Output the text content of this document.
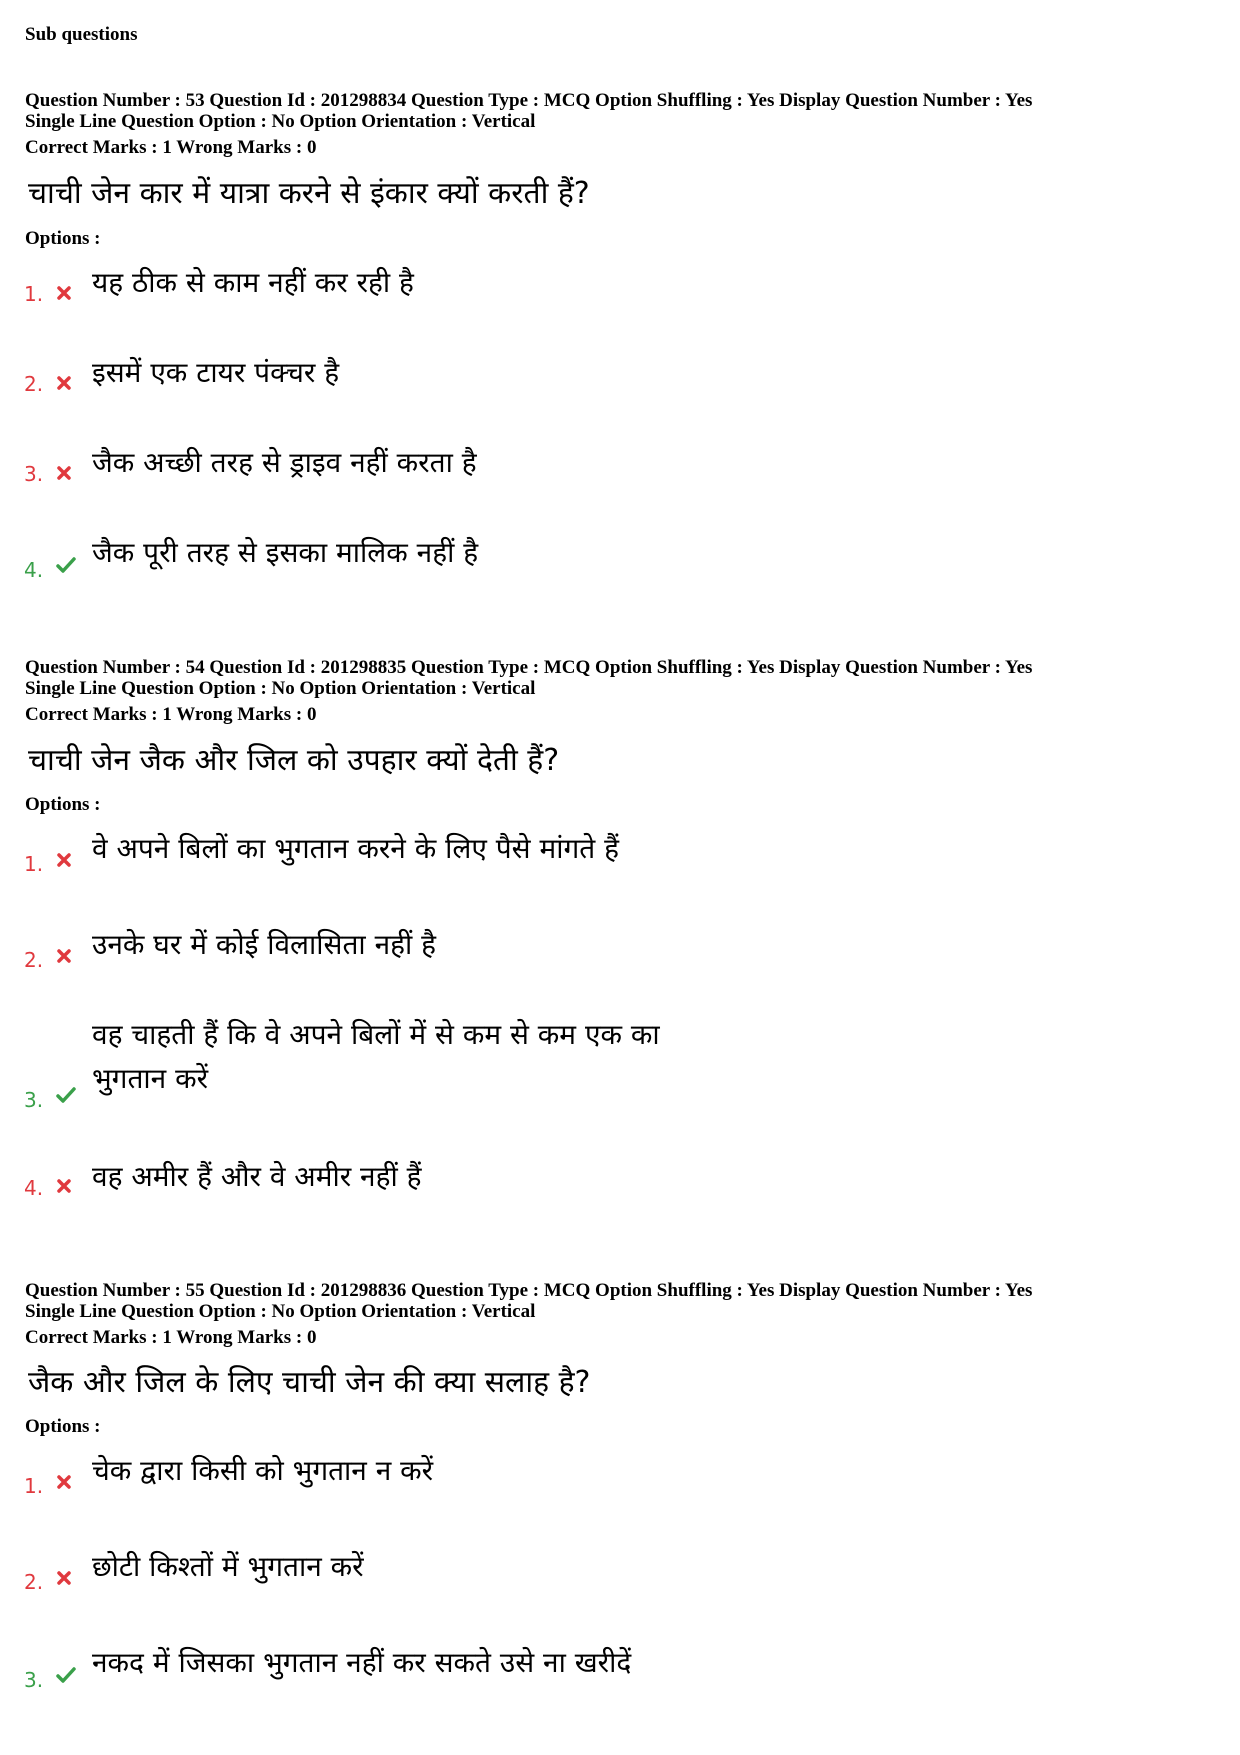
Sub questions
Question Number : 53 Question Id : 201298834 Question Type : MCQ Option Shuffling : Yes Display Question Number : Yes
Single Line Question Option : No Option Orientation : Vertical
Correct Marks : 1 Wrong Marks : 0
चाची जेन कार में यात्रा करने से इंकार क्यों करती हैं?
Options :
1. यह ठीक से काम नहीं कर रही है
2. इसमें एक टायर पंक्चर है
3. जैक अच्छी तरह से ड्राइव नहीं करता है
4.
जैक पूरी तरह से इसका मालिक नहीं है
Question Number : 54 Question Id : 201298835 Question Type : MCQ Option Shuffling : Yes Display Question Number : Yes
Single Line Question Option : No Option Orientation : Vertical
Correct Marks : 1 Wrong Marks : 0
चाची जेन जैक और जिल को उपहार क्यों देती हैं?
Options :
1. वे अपने बिलों का भुगतान करने के लिए पैसे मांगते हैं
2. उनके घर में कोई विलासिता नहीं है
3.
वह चाहती हैं कि वे अपने बिलों में से कम से कम एक का
भुगतान करें
4. वह अमीर हैं और वे अमीर नहीं हैं
Question Number : 55 Question Id : 201298836 Question Type : MCQ Option Shuffling : Yes Display Question Number : Yes
Single Line Question Option : No Option Orientation : Vertical
Correct Marks : 1 Wrong Marks : 0
जैक और जिल के लिए चाची जेन की क्या सलाह है?
Options :
1. चेक द्वारा किसी को भुगतान न करें
2. छोटी किश्तों में भुगतान करें
3.
नकद में जिसका भुगतान नहीं कर सकते उसे ना खरीदें
